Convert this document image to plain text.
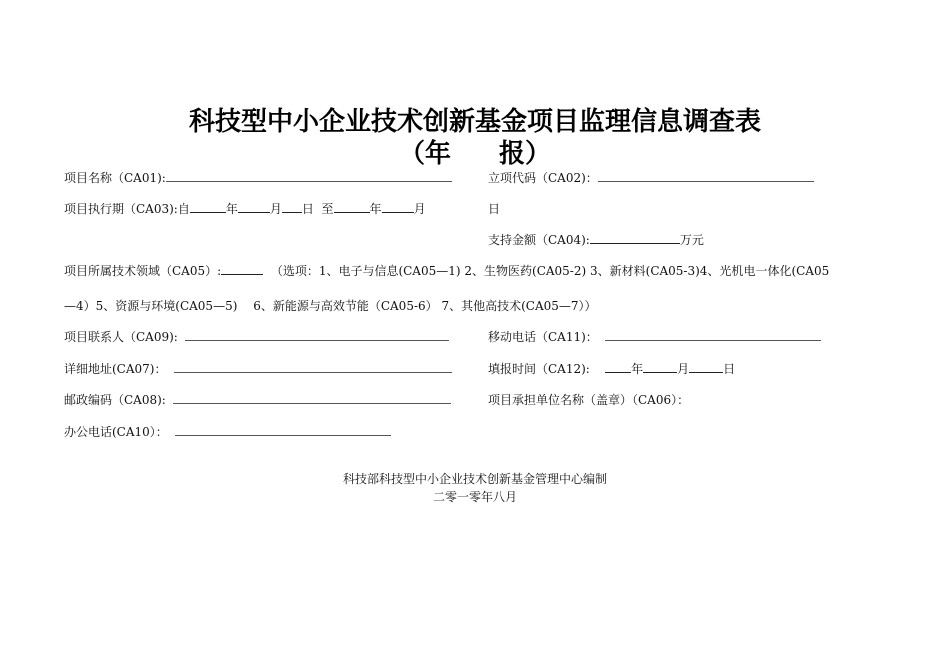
科技型中小企业技术创新基金项目监理信息调查表
（年 报）
项目名称（CA01):	立项代码（CA02)：
项目执行期（CA03):自	年	月 日 至	年	月	日
支持金额（CA04):	万元
项目所属技术领域（CA05）:	（选项：1、电子与信息(CA05—1) 2、生物医药(CA05-2) 3、新材料(CA05-3)4、光机电一体化(CA05
—4）5、资源与环境(CA05—5)　 6、新能源与高效节能（CA05-6） 7、其他高技术(CA05—7））
项目联系人（CA09):	移动电话（CA11)：
详细地址(CA07)：	填报时间（CA12):	年	月	日
邮政编码（CA08):	项目承担单位名称（盖章）（CA06）：
办公电话(CA10）：
科技部科技型中小企业技术创新基金管理中心编制
二零一零年八月
